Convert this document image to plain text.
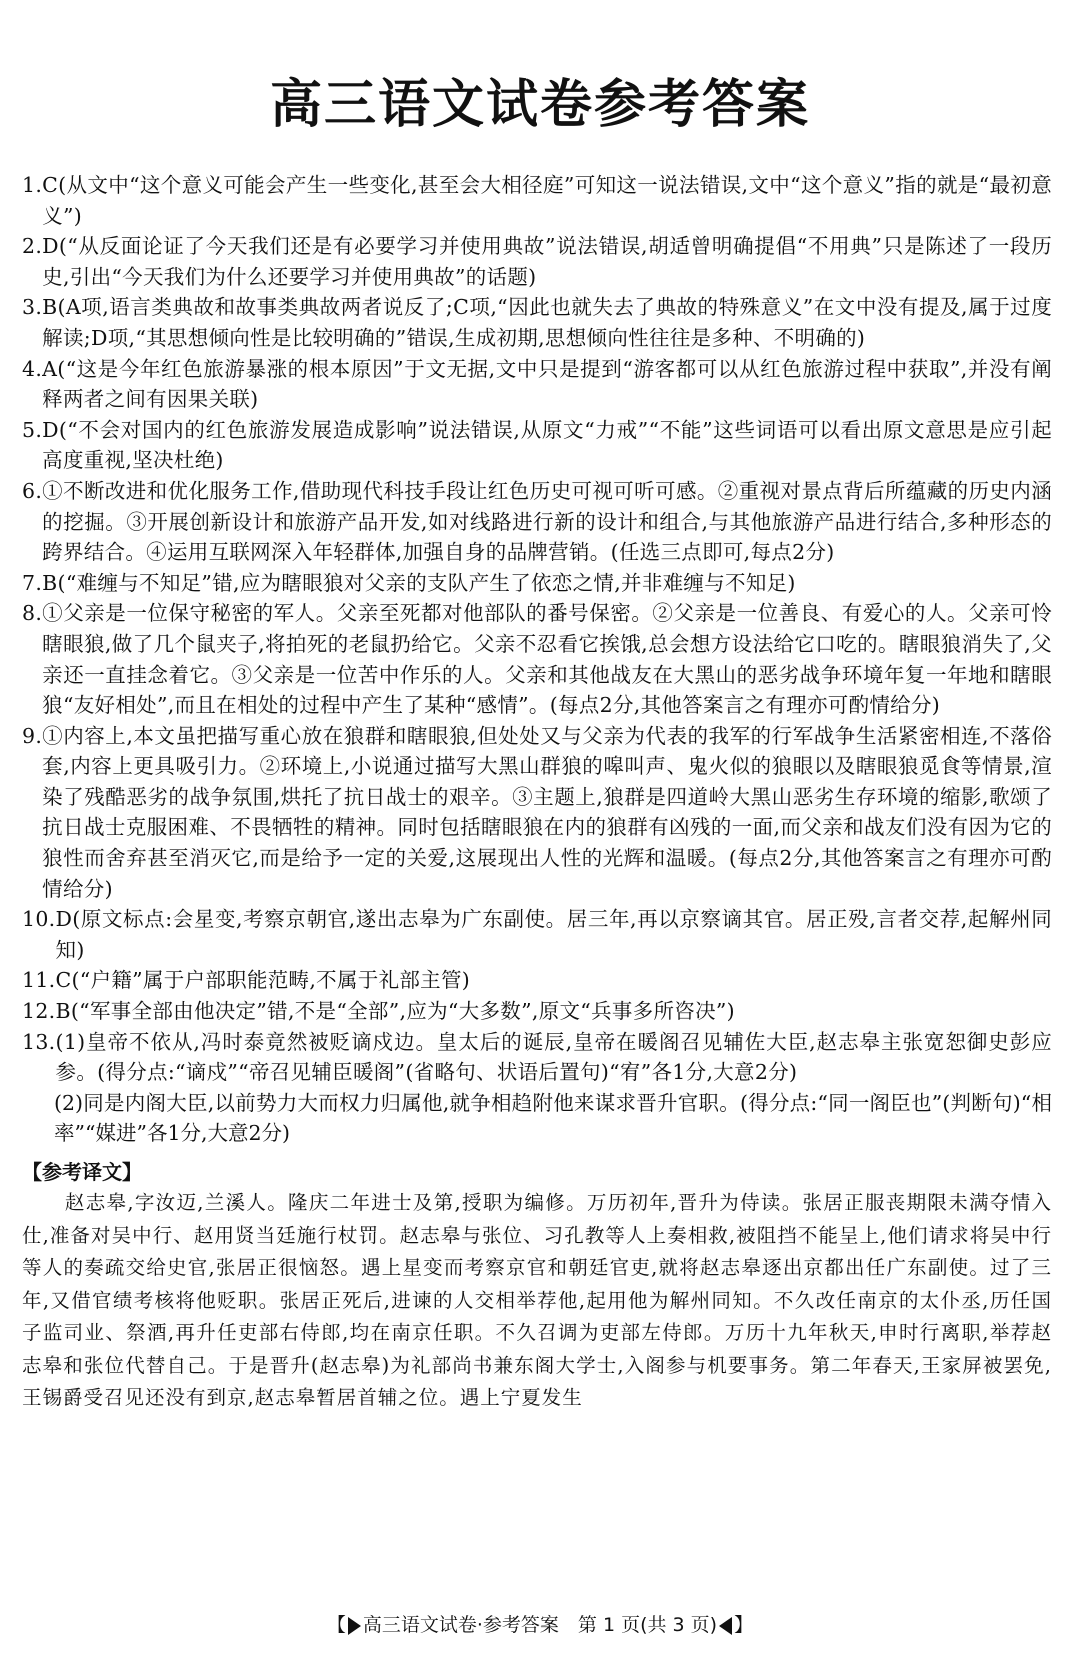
高三语文试卷参考答案
1. C(从文中“这个意义可能会产生一些变化,甚至会大相径庭”可知这一说法错误,文中“这个意义”指的就是“最初意义”)
2. D(“从反面论证了今天我们还是有必要学习并使用典故”说法错误,胡适曾明确提倡“不用典”只是陈述了一段历史,引出“今天我们为什么还要学习并使用典故”的话题)
3. B(A项,语言类典故和故事类典故两者说反了;C项,“因此也就失去了典故的特殊意义”在文中没有提及,属于过度解读;D项,“其思想倾向性是比较明确的”错误,生成初期,思想倾向性往往是多种、不明确的)
4. A(“这是今年红色旅游暴涨的根本原因”于文无据,文中只是提到“游客都可以从红色旅游过程中获取”,并没有阐释两者之间有因果关联)
5. D(“不会对国内的红色旅游发展造成影响”说法错误,从原文“力戒”“不能”这些词语可以看出原文意思是应引起高度重视,坚决杜绝)
6. ①不断改进和优化服务工作,借助现代科技手段让红色历史可视可听可感。②重视对景点背后所蕴藏的历史内涵的挖掘。③开展创新设计和旅游产品开发,如对线路进行新的设计和组合,与其他旅游产品进行结合,多种形态的跨界结合。④运用互联网深入年轻群体,加强自身的品牌营销。(任选三点即可,每点2分)
7. B(“难缠与不知足”错,应为瞎眼狼对父亲的支队产生了依恋之情,并非难缠与不知足)
8. ①父亲是一位保守秘密的军人。父亲至死都对他部队的番号保密。②父亲是一位善良、有爱心的人。父亲可怜瞎眼狼,做了几个鼠夹子,将拍死的老鼠扔给它。父亲不忍看它挨饿,总会想方设法给它口吃的。瞎眼狼消失了,父亲还一直挂念着它。③父亲是一位苦中作乐的人。父亲和其他战友在大黑山的恶劣战争环境年复一年地和瞎眼狼“友好相处”,而且在相处的过程中产生了某种“感情”。(每点2分,其他答案言之有理亦可酌情给分)
9. ①内容上,本文虽把描写重心放在狼群和瞎眼狼,但处处又与父亲为代表的我军的行军战争生活紧密相连,不落俗套,内容上更具吸引力。②环境上,小说通过描写大黑山群狼的嗥叫声、鬼火似的狼眼以及瞎眼狼觅食等情景,渲染了残酷恶劣的战争氛围,烘托了抗日战士的艰辛。③主题上,狼群是四道岭大黑山恶劣生存环境的缩影,歌颂了抗日战士克服困难、不畏牺牲的精神。同时包括瞎眼狼在内的狼群有凶残的一面,而父亲和战友们没有因为它的狼性而舍弃甚至消灭它,而是给予一定的关爱,这展现出人性的光辉和温暖。(每点2分,其他答案言之有理亦可酌情给分)
10. D(原文标点:会星变,考察京朝官,遂出志皋为广东副使。居三年,再以京察谪其官。居正殁,言者交荐,起解州同知)
11. C(“户籍”属于户部职能范畴,不属于礼部主管)
12. B(“军事全部由他决定”错,不是“全部”,应为“大多数”,原文“兵事多所咨决”)
13. (1)皇帝不依从,冯时泰竟然被贬谪戍边。皇太后的诞辰,皇帝在暖阁召见辅佐大臣,赵志皋主张宽恕御史彭应参。(得分点:“谪戍”“帝召见辅臣暖阁”(省略句、状语后置句)“宥”各1分,大意2分)
(2)同是内阁大臣,以前势力大而权力归属他,就争相趋附他来谋求晋升官职。(得分点:“同一阁臣也”(判断句)“相率”“媒进”各1分,大意2分)
【参考译文】
赵志皋,字汝迈,兰溪人。隆庆二年进士及第,授职为编修。万历初年,晋升为侍读。张居正服丧期限未满夺情入仕,准备对吴中行、赵用贤当廷施行杖罚。赵志皋与张位、习孔教等人上奏相救,被阻挡不能呈上,他们请求将吴中行等人的奏疏交给史官,张居正很恼怒。遇上星变而考察京官和朝廷官吏,就将赵志皋逐出京都出任广东副使。过了三年,又借官绩考核将他贬职。张居正死后,进谏的人交相举荐他,起用他为解州同知。不久改任南京的太仆丞,历任国子监司业、祭酒,再升任吏部右侍郎,均在南京任职。不久召调为吏部左侍郎。万历十九年秋天,申时行离职,举荐赵志皋和张位代替自己。于是晋升(赵志皋)为礼部尚书兼东阁大学士,入阁参与机要事务。第二年春天,王家屏被罢免,王锡爵受召见还没有到京,赵志皋暂居首辅之位。遇上宁夏发生
【 高三语文试卷·参考答案　第 1 页(共 3 页) 】
